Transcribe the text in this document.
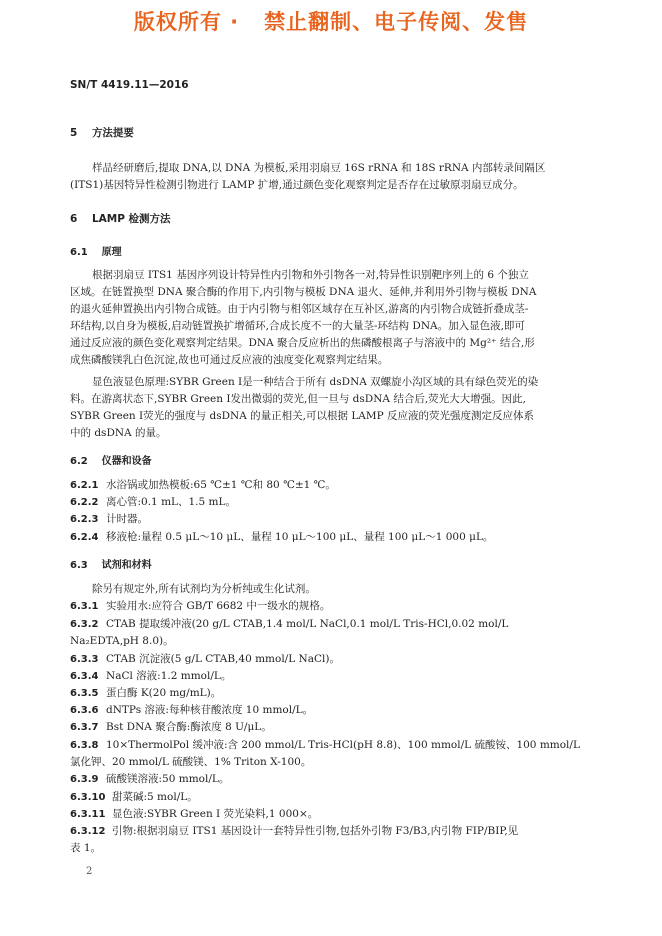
版权所有 ·   禁止翻制、电子传阅、发售
SN/T 4419.11—2016
5 方法提要
样品经研磨后,提取 DNA,以 DNA 为模板,采用羽扇豆 16S rRNA 和 18S rRNA 内部转录间隔区
(ITS1)基因特异性检测引物进行 LAMP 扩增,通过颜色变化观察判定是否存在过敏原羽扇豆成分。
6 LAMP 检测方法
6.1 原理
根据羽扇豆 ITS1 基因序列设计特异性内引物和外引物各一对,特异性识别靶序列上的 6 个独立
区域。在链置换型 DNA 聚合酶的作用下,内引物与模板 DNA 退火、延伸,并利用外引物与模板 DNA
的退火延伸置换出内引物合成链。由于内引物与相邻区域存在互补区,游离的内引物合成链折叠成茎-
环结构,以自身为模板,启动链置换扩增循环,合成长度不一的大量茎-环结构 DNA。加入显色液,即可
通过反应液的颜色变化观察判定结果。DNA 聚合反应析出的焦磷酸根离子与溶液中的 Mg²⁺ 结合,形
成焦磷酸镁乳白色沉淀,故也可通过反应液的浊度变化观察判定结果。
显色液显色原理:SYBR Green Ⅰ是一种结合于所有 dsDNA 双螺旋小沟区域的具有绿色荧光的染
料。在游离状态下,SYBR Green Ⅰ发出微弱的荧光,但一旦与 dsDNA 结合后,荧光大大增强。因此,
SYBR Green Ⅰ荧光的强度与 dsDNA 的量正相关,可以根据 LAMP 反应液的荧光强度测定反应体系
中的 dsDNA 的量。
6.2 仪器和设备
6.2.1 水浴锅或加热模板:65 ℃±1 ℃和 80 ℃±1 ℃。
6.2.2 离心管:0.1 mL、1.5 mL。
6.2.3 计时器。
6.2.4 移液枪:量程 0.5 μL～10 μL、量程 10 μL～100 μL、量程 100 μL～1 000 μL。
6.3 试剂和材料
除另有规定外,所有试剂均为分析纯或生化试剂。
6.3.1 实验用水:应符合 GB/T 6682 中一级水的规格。
6.3.2 CTAB 提取缓冲液(20 g/L CTAB,1.4 mol/L NaCl,0.1 mol/L Tris-HCl,0.02 mol/L
Na₂EDTA,pH 8.0)。
6.3.3 CTAB 沉淀液(5 g/L CTAB,40 mmol/L NaCl)。
6.3.4 NaCl 溶液:1.2 mmol/L。
6.3.5 蛋白酶 K(20 mg/mL)。
6.3.6 dNTPs 溶液:每种核苷酸浓度 10 mmol/L。
6.3.7 Bst DNA 聚合酶:酶浓度 8 U/μL。
6.3.8 10×ThermolPol 缓冲液:含 200 mmol/L Tris-HCl(pH 8.8)、100 mmol/L 硫酸铵、100 mmol/L
氯化钾、20 mmol/L 硫酸镁、1% Triton X-100。
6.3.9 硫酸镁溶液:50 mmol/L。
6.3.10 甜菜碱:5 mol/L。
6.3.11 显色液:SYBR Green Ⅰ 荧光染料,1 000×。
6.3.12 引物:根据羽扇豆 ITS1 基因设计一套特异性引物,包括外引物 F3/B3,内引物 FIP/BIP,见
表 1。
2
